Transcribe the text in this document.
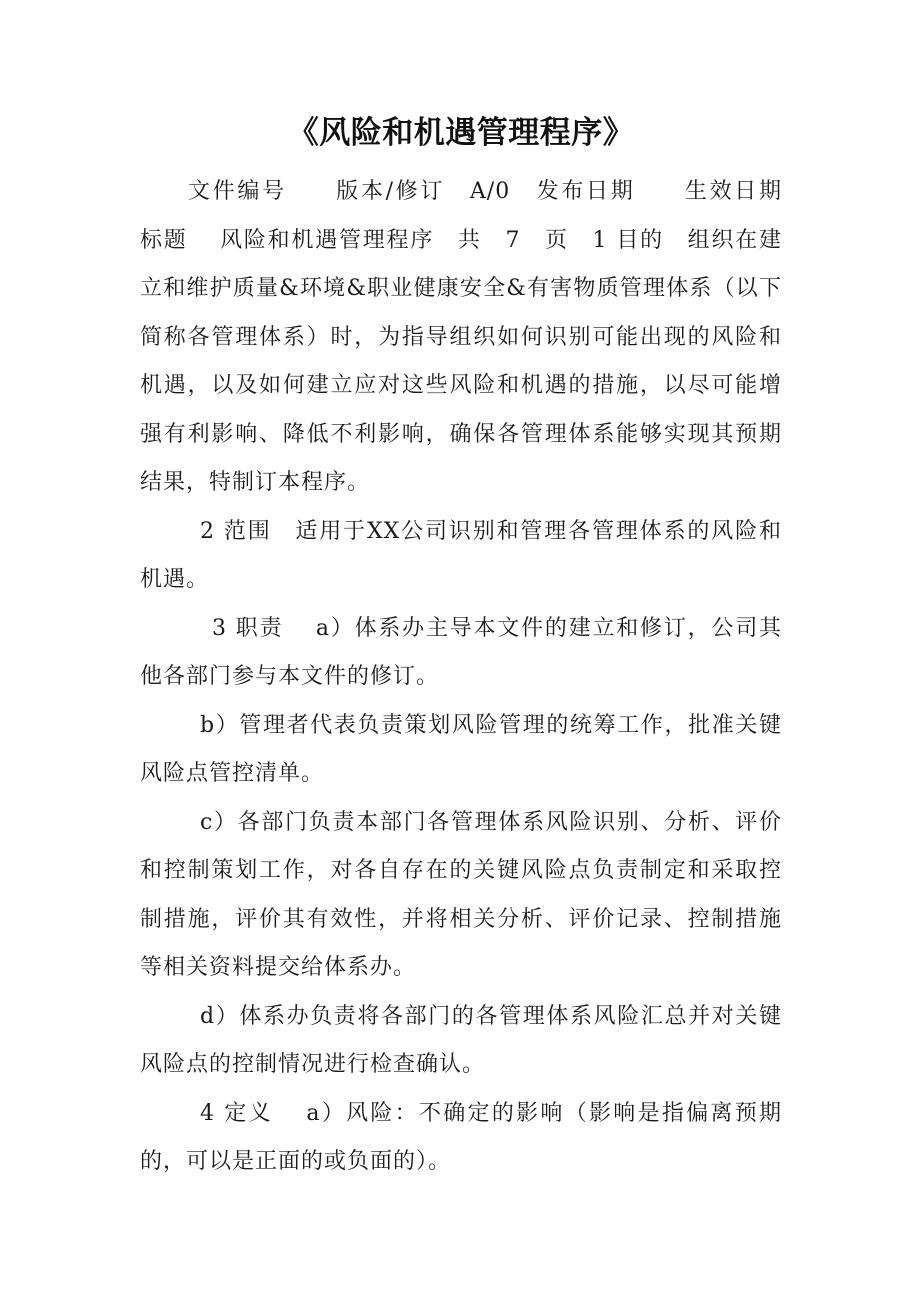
《风险和机遇管理程序》

文件编号　　版本/修订　A/0　发布日期　　生效日期　　标题　 风险和机遇管理程序　共　7　页　1 目的　组织在建立和维护质量&环境&职业健康安全&有害物质管理体系（以下简称各管理体系）时，为指导组织如何识别可能出现的风险和机遇，以及如何建立应对这些风险和机遇的措施，以尽可能增强有利影响、降低不利影响，确保各管理体系能够实现其预期结果，特制订本程序。

2 范围　适用于XX公司识别和管理各管理体系的风险和机遇。

3 职责　 a）体系办主导本文件的建立和修订，公司其他各部门参与本文件的修订。

b）管理者代表负责策划风险管理的统筹工作，批准关键风险点管控清单。

c）各部门负责本部门各管理体系风险识别、分析、评价和控制策划工作，对各自存在的关键风险点负责制定和采取控制措施，评价其有效性，并将相关分析、评价记录、控制措施等相关资料提交给体系办。

d）体系办负责将各部门的各管理体系风险汇总并对关键风险点的控制情况进行检查确认。

4 定义　 a）风险：不确定的影响（影响是指偏离预期的，可以是正面的或负面的）。
